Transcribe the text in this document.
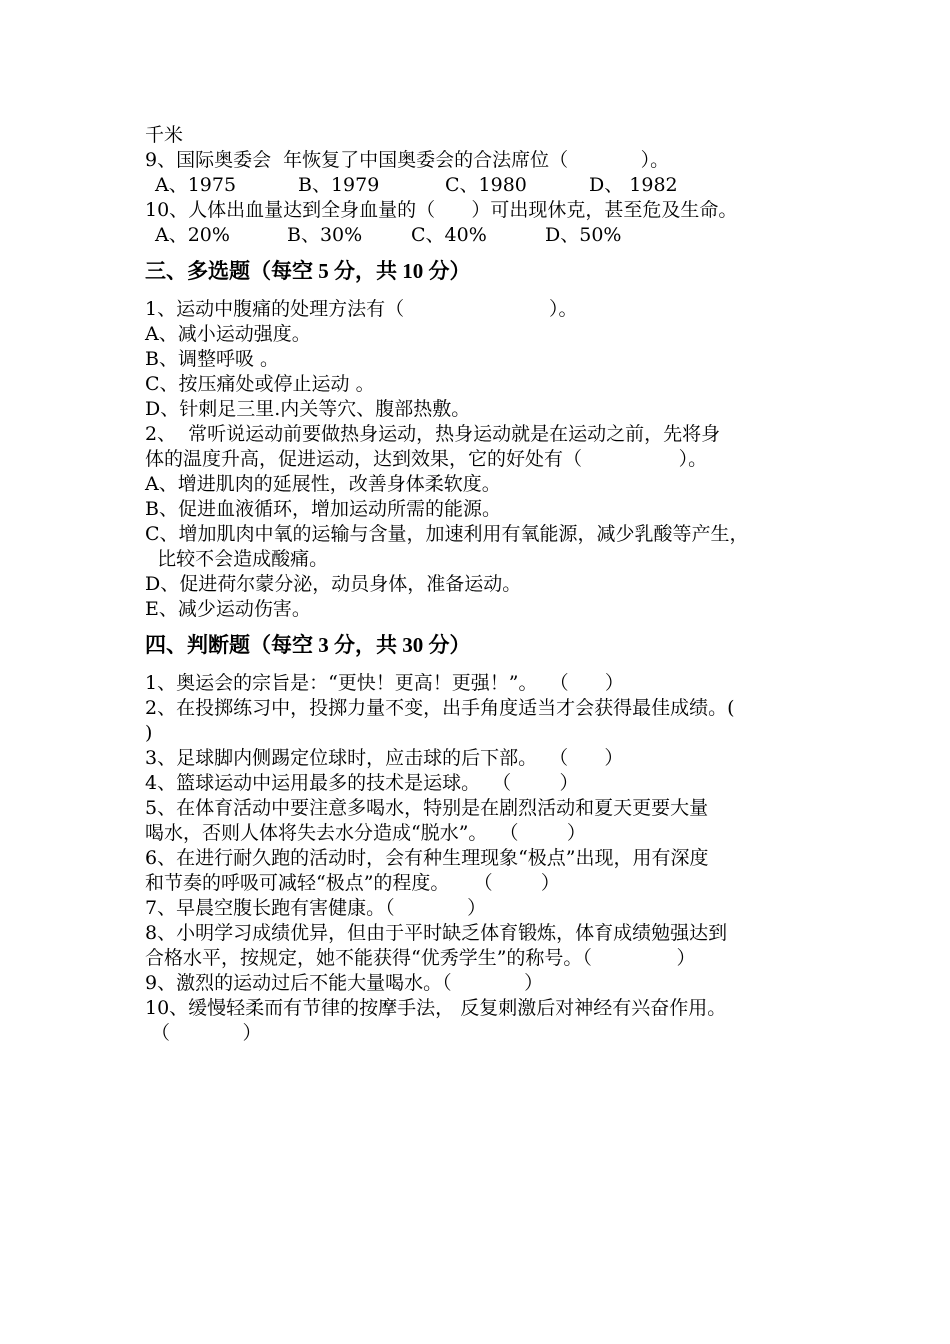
千米

9、国际奥委会  年恢复了中国奥委会的合法席位（            ）。

A、1975	B、1979	C、1980	D、 1982

10、人体出血量达到全身血量的（      ）可出现休克，甚至危及生命。

A、20%	B、30%	C、40%	D、50%
三、多选题（每空 5 分，共 10 分）

1、运动中腹痛的处理方法有（                        ）。

A、减小运动强度。

B、调整呼吸 。

C、按压痛处或停止运动 。

D、针刺足三里.内关等穴、腹部热敷。

2、  常听说运动前要做热身运动，热身运动就是在运动之前，先将身

体的温度升高，促进运动，达到效果，它的好处有（                ）。

A、增进肌肉的延展性，改善身体柔软度。

B、促进血液循环，增加运动所需的能源。

C、增加肌肉中氧的运输与含量，加速利用有氧能源，减少乳酸等产生，

比较不会造成酸痛。

D、促进荷尔蒙分泌，动员身体，准备运动。

E、减少运动伤害。

四、判断题（每空 3 分，共 30 分）

1、奥运会的宗旨是：“更快！更高！更强！”。  （      ）

2、在投掷练习中，投掷力量不变，出手角度适当才会获得最佳成绩。(

)

3、足球脚内侧踢定位球时，应击球的后下部。  （      ）

4、篮球运动中运用最多的技术是运球。  （        ）

5、在体育活动中要注意多喝水，特别是在剧烈活动和夏天更要大量

喝水，否则人体将失去水分造成“脱水”。  （        ）

6、在进行耐久跑的活动时，会有种生理现象“极点”出现，用有深度

和节奏的呼吸可减轻“极点”的程度。    （        ）

7、早晨空腹长跑有害健康。（            ）

8、小明学习成绩优异，但由于平时缺乏体育锻炼，体育成绩勉强达到

合格水平，按规定，她不能获得“优秀学生”的称号。（              ）

9、激烈的运动过后不能大量喝水。（            ）

10、缓慢轻柔而有节律的按摩手法， 反复刺激后对神经有兴奋作用。

（            ）
